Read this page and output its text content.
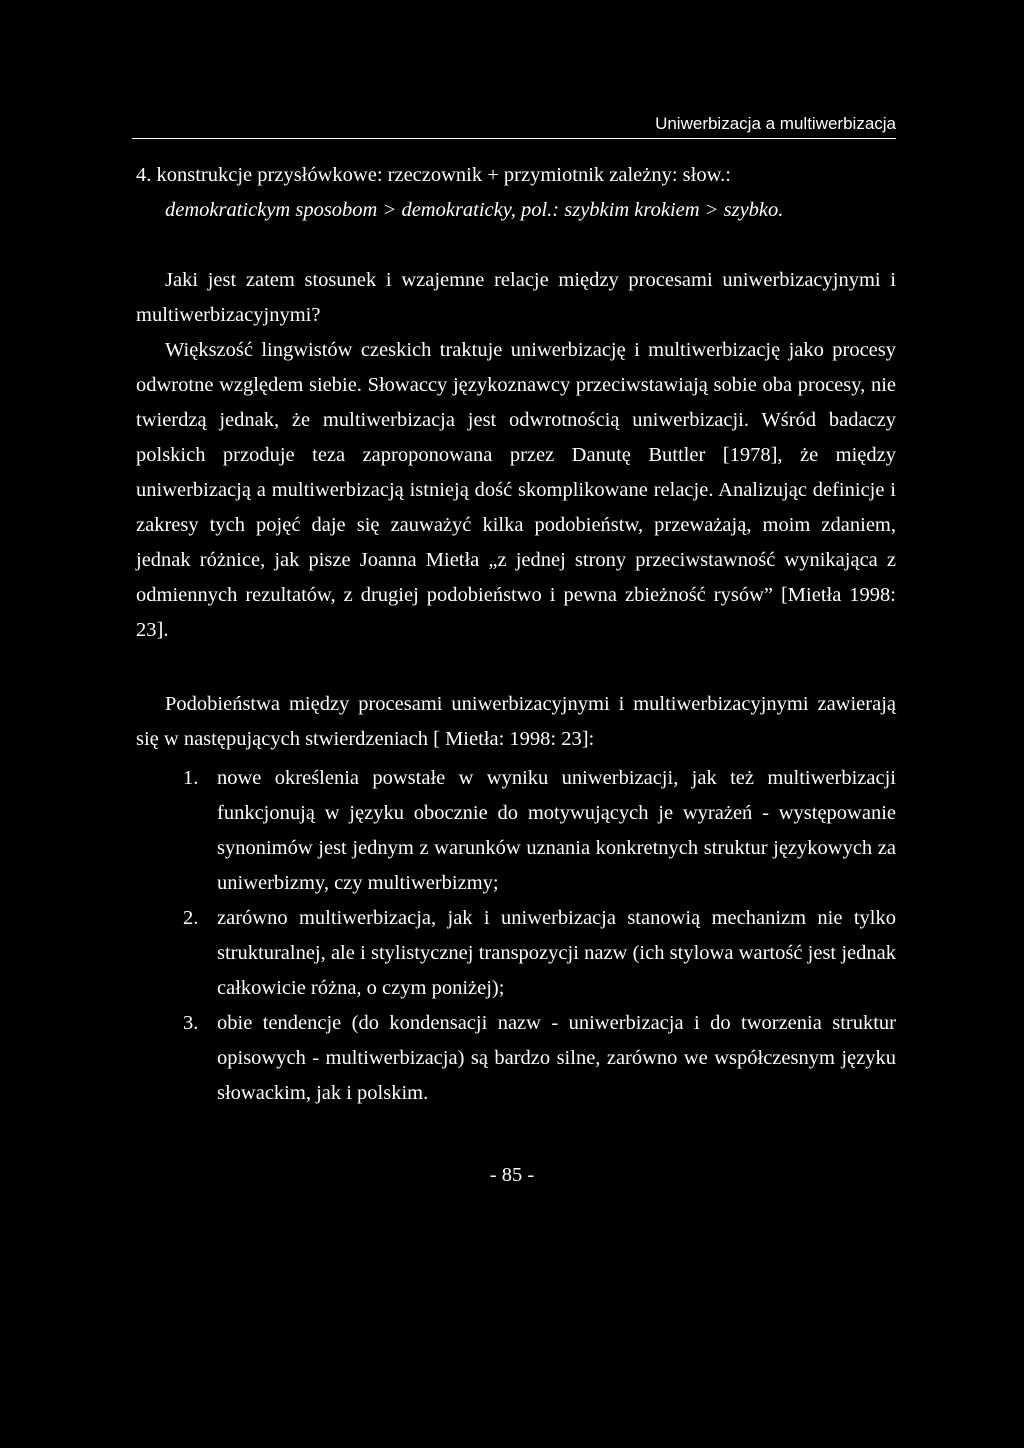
Uniwerbizacja a multiwerbizacja
4. konstrukcje przysłówkowe: rzeczownik + przymiotnik zależny: słow.:
demokratickym sposobom > demokraticky, pol.: szybkim krokiem > szybko.
Jaki jest zatem stosunek i wzajemne relacje między procesami uniwerbizacyjnymi i multiwerbizacyjnymi?
Większość lingwistów czeskich traktuje uniwerbizację i multiwerbizację jako procesy odwrotne względem siebie. Słowaccy językoznawcy przeciwstawiają sobie oba procesy, nie twierdzą jednak, że multiwerbizacja jest odwrotnością uniwerbizacji. Wśród badaczy polskich przoduje teza zaproponowana przez Danutę Buttler [1978], że między uniwerbizacją a multiwerbizacją istnieją dość skomplikowane relacje. Analizując definicje i zakresy tych pojęć daje się zauważyć kilka podobieństw, przeważają, moim zdaniem, jednak różnice, jak pisze Joanna Mietła „z jednej strony przeciwstawność wynikająca z odmiennych rezultatów, z drugiej podobieństwo i pewna zbieżność rysów” [Mietła 1998: 23].
Podobieństwa między procesami uniwerbizacyjnymi i multiwerbizacyjnymi zawierają się w następujących stwierdzeniach [ Mietła: 1998: 23]:
1. nowe określenia powstałe w wyniku uniwerbizacji, jak też multiwerbizacji funkcjonują w języku obocznie do motywujących je wyrażeń - występowanie synonimów jest jednym z warunków uznania konkretnych struktur językowych za uniwerbizmy, czy multiwerbizmy;
2. zarówno multiwerbizacja, jak i uniwerbizacja stanowią mechanizm nie tylko strukturalnej, ale i stylistycznej transpozycji nazw (ich stylowa wartość jest jednak całkowicie różna, o czym poniżej);
3. obie tendencje (do kondensacji nazw - uniwerbizacja i do tworzenia struktur opisowych - multiwerbizacja) są bardzo silne, zarówno we współczesnym języku słowackim, jak i polskim.
- 85 -
